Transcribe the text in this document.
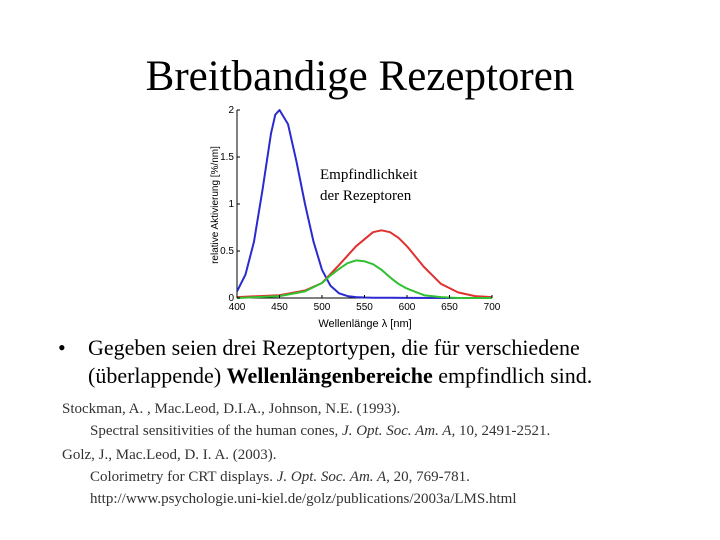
Breitbandige Rezeptoren
400	450	500	550	600	650	700
0
0.5
1
1.5
2
Wellenlänge λ [nm]
relative Aktivierung [%/nm]	Empfindlichkeit
der Rezeptoren
•	Gegeben seien drei Rezeptortypen, die für verschiedene (überlappende) Wellenlängenbereiche empfindlich sind.
Stockman, A. , Mac.Leod, D.I.A., Johnson, N.E. (1993).
Spectral sensitivities of the human cones, J. Opt. Soc. Am. A, 10, 2491-2521.
Golz, J., Mac.Leod, D. I. A. (2003).
Colorimetry for CRT displays. J. Opt. Soc. Am. A, 20, 769-781.
http://www.psychologie.uni-kiel.de/golz/publications/2003a/LMS.html
